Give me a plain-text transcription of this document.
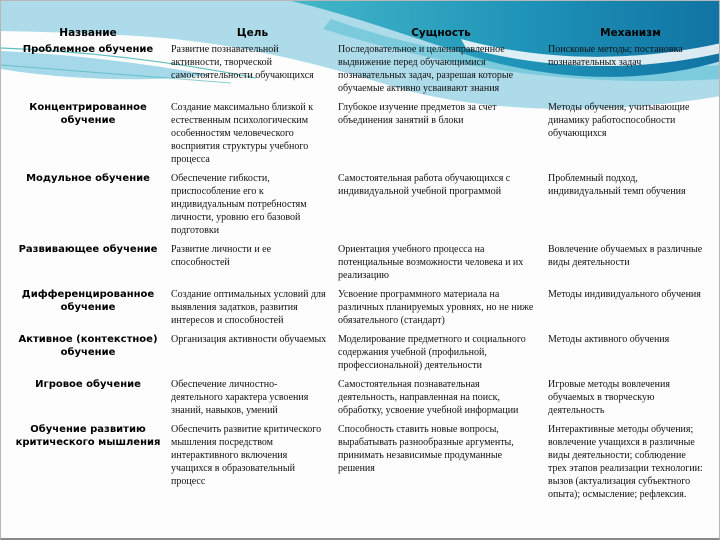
Название	Цель	Сущность	Механизм
Проблемное обучение	Развитие познавательной активности, творческой самостоятельности обучающихся	Последовательное и целенаправленное выдвижение перед обучающимися познавательных задач, разрешая которые обучаемые активно усваивают знания	Поисковые методы; постановка познавательных задач
Концентрированное обучение	Создание максимально близкой к естественным психологическим особенностям человеческого восприятия структуры учебного процесса	Глубокое изучение предметов за счет объединения занятий в блоки	Методы обучения, учитывающие динамику работоспособности обучающихся
Модульное обучение	Обеспечение гибкости, приспособление его к индивидуальным потребностям личности, уровню его базовой подготовки	Самостоятельная работа обучающихся с индивидуальной учебной программой	Проблемный подход, индивидуальный темп обучения
Развивающее обучение	Развитие личности и ее способностей	Ориентация учебного процесса на потенциальные возможности человека и их реализацию	Вовлечение обучаемых в различные виды деятельности
Дифференцированное обучение	Создание оптимальных условий для выявления задатков, развития интересов и способностей	Усвоение программного материала на различных планируемых уровнях, но не ниже обязательного (стандарт)	Методы индивидуального обучения
Активное (контекстное) обучение	Организация активности обучаемых	Моделирование предметного и социального содержания учебной (профильной, профессиональной) деятельности	Методы активного обучения
Игровое обучение	Обеспечение личностно-деятельного характера усвоения знаний, навыков, умений	Самостоятельная познавательная деятельность, направленная на поиск, обработку, усвоение учебной информации	Игровые методы вовлечения обучаемых в творческую деятельность
Обучение развитию критического мышления	Обеспечить развитие критического мышления посредством интерактивного включения учащихся в образовательный процесс	Способность ставить новые вопросы, вырабатывать разнообразные аргументы, принимать независимые продуманные решения	Интерактивные методы обучения; вовлечение учащихся в различные виды деятельности; соблюдение трех этапов реализации технологии: вызов (актуализация субъектного опыта); осмысление; рефлексия.
